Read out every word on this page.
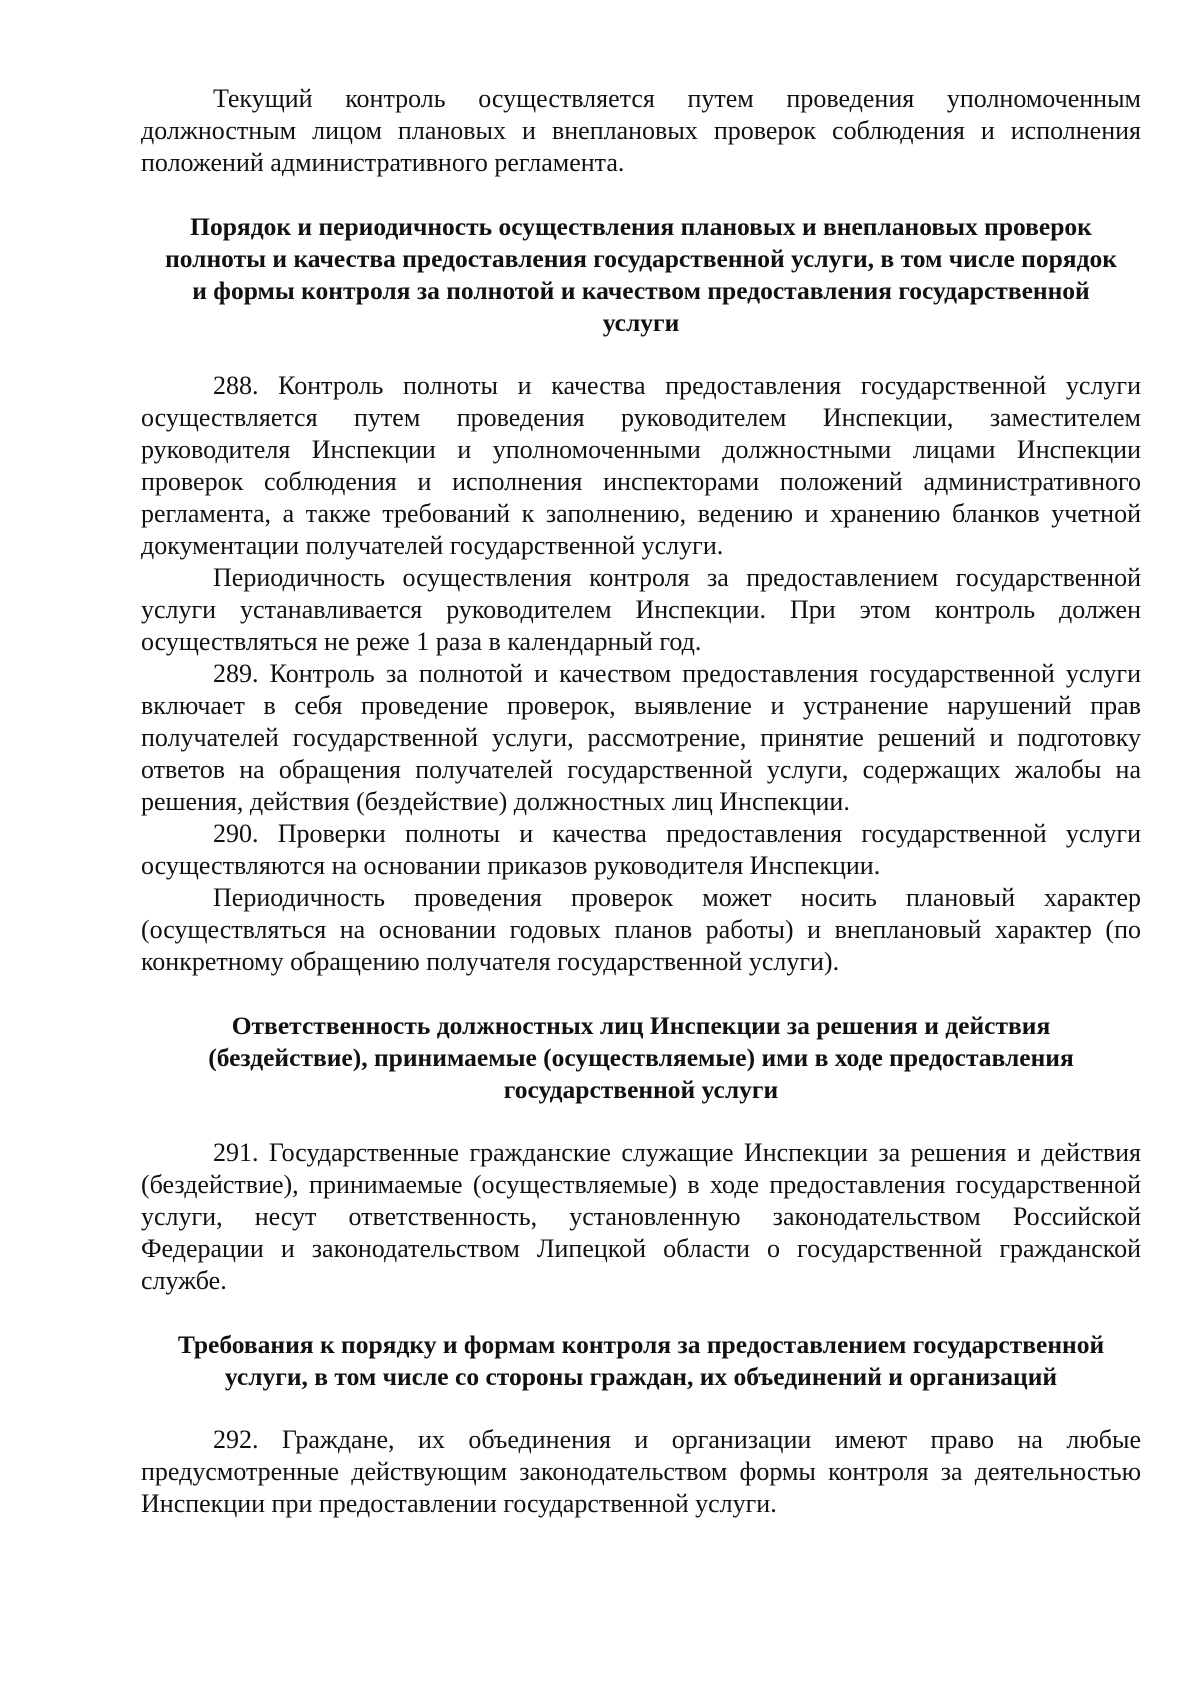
Текущий контроль осуществляется путем проведения уполномоченным должностным лицом плановых и внеплановых проверок соблюдения и исполнения положений административного регламента.

Порядок и периодичность осуществления плановых и внеплановых проверок полноты и качества предоставления государственной услуги, в том числе порядок и формы контроля за полнотой и качеством предоставления государственной услуги

288. Контроль полноты и качества предоставления государственной услуги осуществляется путем проведения руководителем Инспекции, заместителем руководителя Инспекции и уполномоченными должностными лицами Инспекции проверок соблюдения и исполнения инспекторами положений административного регламента, а также требований к заполнению, ведению и хранению бланков учетной документации получателей государственной услуги.

Периодичность осуществления контроля за предоставлением государственной услуги устанавливается руководителем Инспекции. При этом контроль должен осуществляться не реже 1 раза в календарный год.

289. Контроль за полнотой и качеством предоставления государственной услуги включает в себя проведение проверок, выявление и устранение нарушений прав получателей государственной услуги, рассмотрение, принятие решений и подготовку ответов на обращения получателей государственной услуги, содержащих жалобы на решения, действия (бездействие) должностных лиц Инспекции.

290. Проверки полноты и качества предоставления государственной услуги осуществляются на основании приказов руководителя Инспекции.

Периодичность проведения проверок может носить плановый характер (осуществляться на основании годовых планов работы) и внеплановый характер (по конкретному обращению получателя государственной услуги).

Ответственность должностных лиц Инспекции за решения и действия (бездействие), принимаемые (осуществляемые) ими в ходе предоставления государственной услуги

291. Государственные гражданские служащие Инспекции за решения и действия (бездействие), принимаемые (осуществляемые) в ходе предоставления государственной услуги, несут ответственность, установленную законодательством Российской Федерации и законодательством Липецкой области о государственной гражданской службе.

Требования к порядку и формам контроля за предоставлением государственной услуги, в том числе со стороны граждан, их объединений и организаций

292. Граждане, их объединения и организации имеют право на любые предусмотренные действующим законодательством формы контроля за деятельностью Инспекции при предоставлении государственной услуги.
